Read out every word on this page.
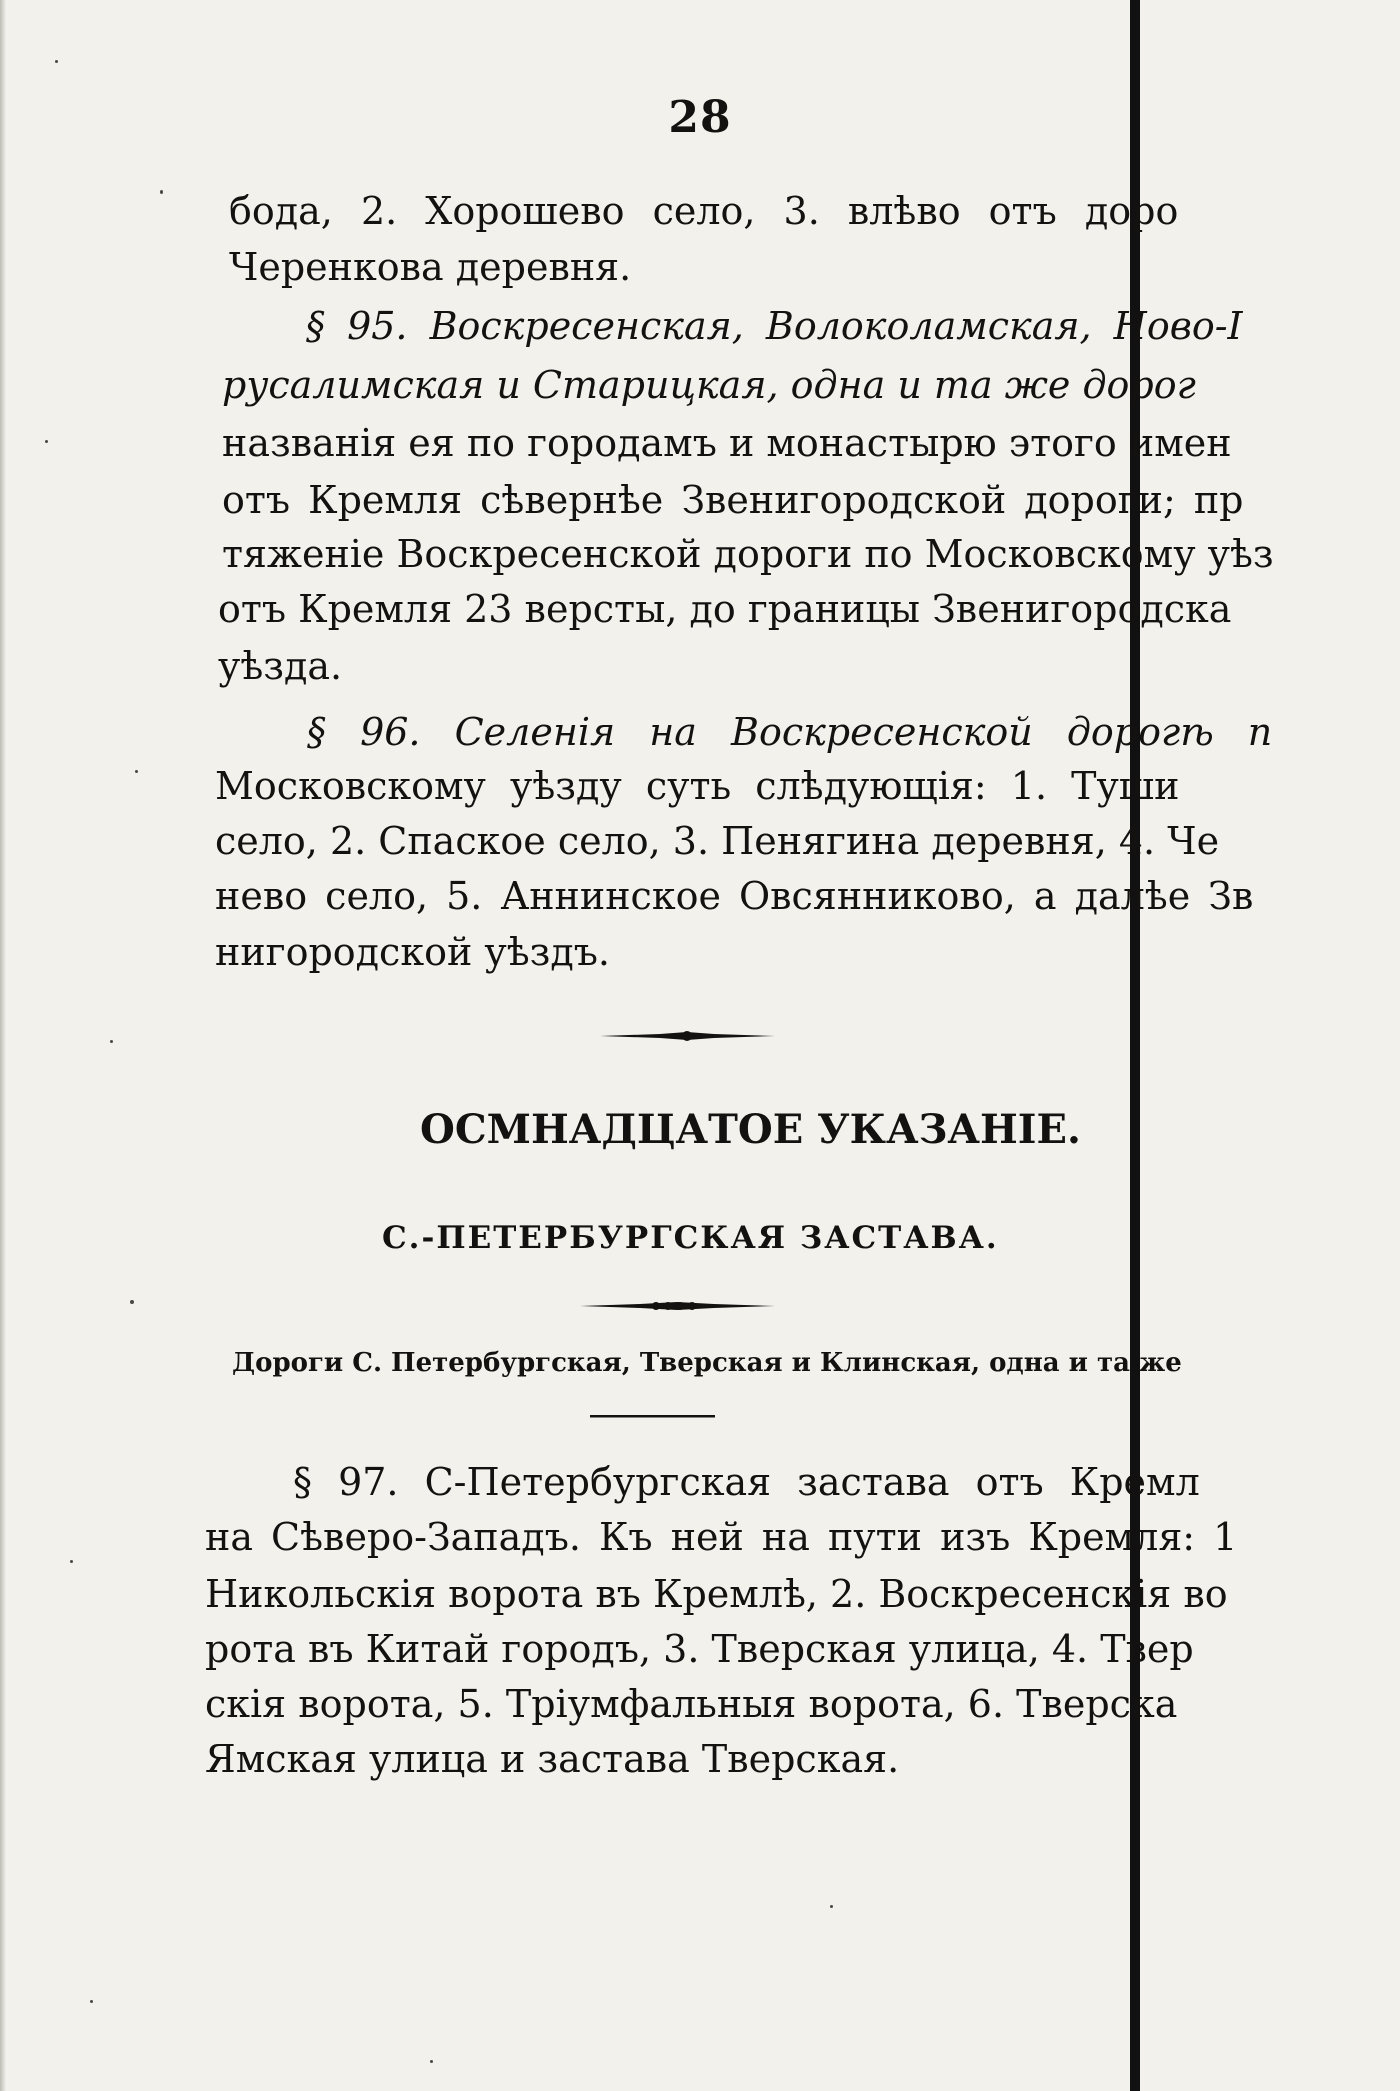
28
бода, 2. Хорошево село, 3. влѣво отъ доро
Черенкова деревня.
§ 95. Воскресенская, Волоколамская, Ново-І
русалимская и Старицкая, одна и та же дорог
названія ея по городамъ и монастырю этого имен
отъ Кремля сѣвернѣе Звенигородской дороги; пр
тяженіе Воскресенской дороги по Московскому уѣз
отъ Кремля 23 версты, до границы Звенигородска
уѣзда.
§ 96. Селенія на Воскресенской дорогѣ п
Московскому уѣзду суть слѣдующія: 1. Туши
село, 2. Спаское село, 3. Пенягина деревня, 4. Че
нево село, 5. Аннинское Овсянниково, а далѣе Зв
нигородской уѣздъ.
ОСМНАДЦАТОЕ УКАЗАНІЕ.
С.-ПЕТЕРБУРГСКАЯ ЗАСТАВА.
Дороги С. Петербургская, Тверская и Клинская, одна и та же
§ 97. С-Петербургская застава отъ Кремл
на Сѣверо-Западъ. Къ ней на пути изъ Кремля: 1
Никольскія ворота въ Кремлѣ, 2. Воскресенскія во
рота въ Китай городъ, 3. Тверская улица, 4. Твер
скія ворота, 5. Тріумфальныя ворота, 6. Тверска
Ямская улица и застава Тверская.
